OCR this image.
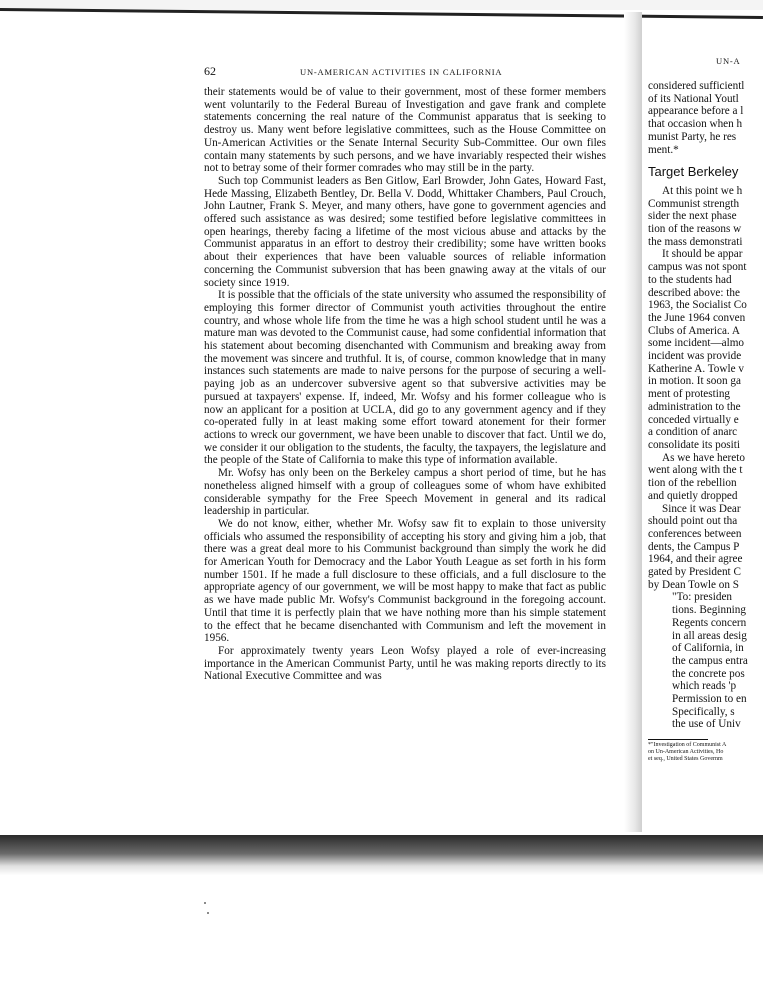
62	UN-AMERICAN ACTIVITIES IN CALIFORNIA

their statements would be of value to their government, most of these former members went voluntarily to the Federal Bureau of Investigation and gave frank and complete statements concerning the real nature of the Communist apparatus that is seeking to destroy us. Many went before legislative committees, such as the House Committee on Un-American Activities or the Senate Internal Security Sub-Committee. Our own files contain many statements by such persons, and we have invariably respected their wishes not to betray some of their former comrades who may still be in the party.

Such top Communist leaders as Ben Gitlow, Earl Browder, John Gates, Howard Fast, Hede Massing, Elizabeth Bentley, Dr. Bella V. Dodd, Whittaker Chambers, Paul Crouch, John Lautner, Frank S. Meyer, and many others, have gone to government agencies and offered such assistance as was desired; some testified before legislative committees in open hearings, thereby facing a lifetime of the most vicious abuse and attacks by the Communist apparatus in an effort to destroy their credibility; some have written books about their experiences that have been valuable sources of reliable information concerning the Communist subversion that has been gnawing away at the vitals of our society since 1919.

It is possible that the officials of the state university who assumed the responsibility of employing this former director of Communist youth activities throughout the entire country, and whose whole life from the time he was a high school student until he was a mature man was devoted to the Communist cause, had some confidential information that his statement about becoming disenchanted with Communism and breaking away from the movement was sincere and truthful. It is, of course, common knowledge that in many instances such statements are made to naive persons for the purpose of securing a well-paying job as an undercover subversive agent so that subversive activities may be pursued at taxpayers' expense. If, indeed, Mr. Wofsy and his former colleague who is now an applicant for a position at UCLA, did go to any government agency and if they co-operated fully in at least making some effort toward atonement for their former actions to wreck our government, we have been unable to discover that fact. Until we do, we consider it our obligation to the students, the faculty, the taxpayers, the legislature and the people of the State of California to make this type of information available.

Mr. Wofsy has only been on the Berkeley campus a short period of time, but he has nonetheless aligned himself with a group of colleagues some of whom have exhibited considerable sympathy for the Free Speech Movement in general and its radical leadership in particular.

We do not know, either, whether Mr. Wofsy saw fit to explain to those university officials who assumed the responsibility of accepting his story and giving him a job, that there was a great deal more to his Communist background than simply the work he did for American Youth for Democracy and the Labor Youth League as set forth in his form number 1501. If he made a full disclosure to these officials, and a full disclosure to the appropriate agency of our government, we will be most happy to make that fact as public as we have made public Mr. Wofsy's Communist background in the foregoing account. Until that time it is perfectly plain that we have nothing more than his simple statement to the effect that he became disenchanted with Communism and left the movement in 1956.

For approximately twenty years Leon Wofsy played a role of ever-increasing importance in the American Communist Party, until he was making reports directly to its National Executive Committee and was

UN-A
considered sufficientl
of its National Youtl
appearance before a l
that occasion when h
munist Party, he res
ment.*
Target Berkeley
At this point we h
Communist strength
sider the next phase
tion of the reasons w
the mass demonstrati
It should be appar
campus was not spont
to the students had
described above: the
1963, the Socialist Co
the June 1964 conven
Clubs of America. A
some incident—almo
incident was provide
Katherine A. Towle v
in motion. It soon ga
ment of protesting
administration to the
conceded virtually e
a condition of anarc
consolidate its positi
As we have hereto
went along with the t
tion of the rebellion
and quietly dropped
Since it was Dear
should point out tha
conferences between
dents, the Campus P
1964, and their agree
gated by President C
by Dean Towle on S
"To: presiden
tions. Beginning
Regents concern
in all areas desig
of California, in
the campus entra
the concrete pos
which reads 'p
Permission to en
Specifically, s
the use of Univ
*"Investigation of Communist A
on Un-American Activities, Ho
et seq., United States Governm
